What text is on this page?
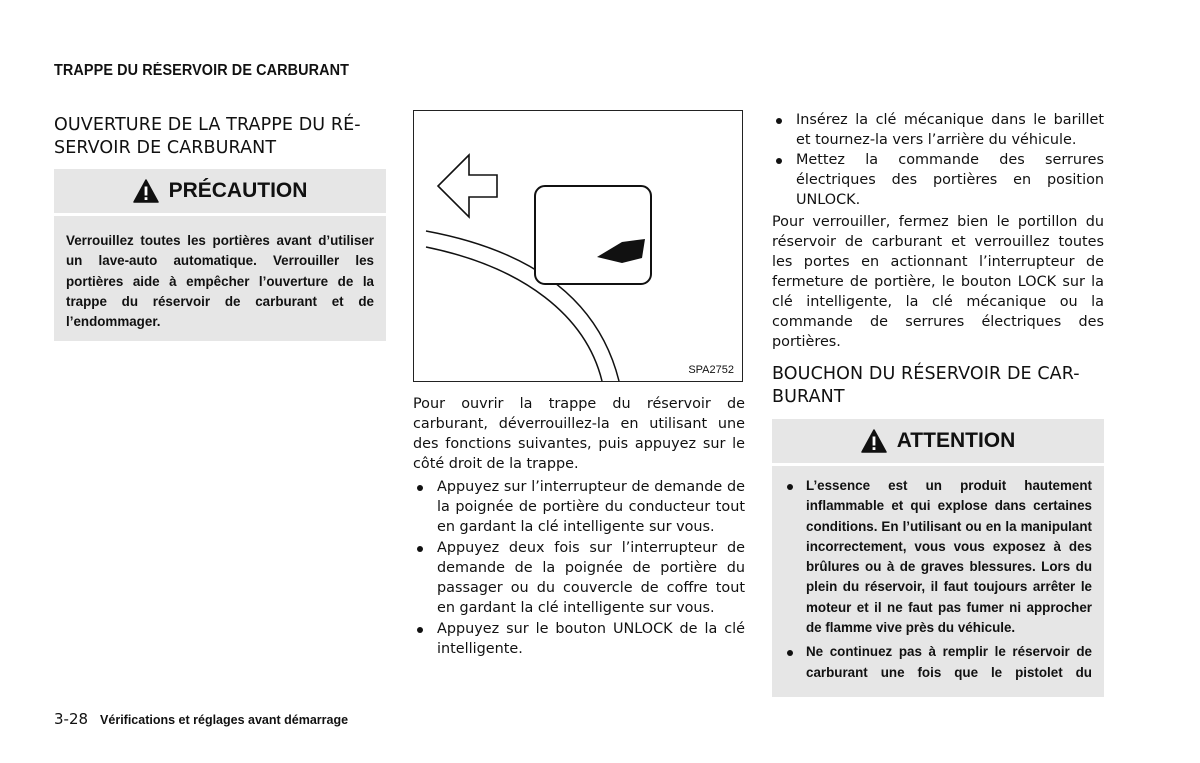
TRAPPE DU RÉSERVOIR DE CARBURANT
OUVERTURE DE LA TRAPPE DU RÉ-
SERVOIR DE CARBURANT
PRÉCAUTION
Verrouillez toutes les portières avant d’utiliser un lave-auto automatique. Verrouiller les portières aide à empêcher l’ouverture de la trappe du réservoir de carburant et de l’endommager.
SPA2752

Pour ouvrir la trappe du réservoir de carburant, déverrouillez-la en utilisant une des fonctions suivantes, puis appuyez sur le côté droit de la trappe.

Appuyez sur l’interrupteur de demande de la poignée de portière du conducteur tout en gardant la clé intelligente sur vous.
Appuyez deux fois sur l’interrupteur de demande de la poignée de portière du passager ou du couvercle de coffre tout en gardant la clé intelligente sur vous.
Appuyez sur le bouton UNLOCK de la clé intelligente.
Insérez la clé mécanique dans le barillet et tournez-la vers l’arrière du véhicule.
Mettez la commande des serrures électriques des portières en position UNLOCK.

Pour verrouiller, fermez bien le portillon du réservoir de carburant et verrouillez toutes les portes en actionnant l’interrupteur de fermeture de portière, le bouton LOCK sur la clé intelligente, la clé mécanique ou la commande de serrures électriques des portières.

BOUCHON DU RÉSERVOIR DE CAR-
BURANT
ATTENTION
L’essence est un produit hautement inflammable et qui explose dans certaines conditions. En l’utilisant ou en la manipulant incorrectement, vous vous exposez à des brûlures ou à de graves blessures. Lors du plein du réservoir, il faut toujours arrêter le moteur et il ne faut pas fumer ni approcher de flamme vive près du véhicule.
Ne continuez pas à remplir le réservoir de carburant une fois que le pistolet du
3-28 Vérifications et réglages avant démarrage
